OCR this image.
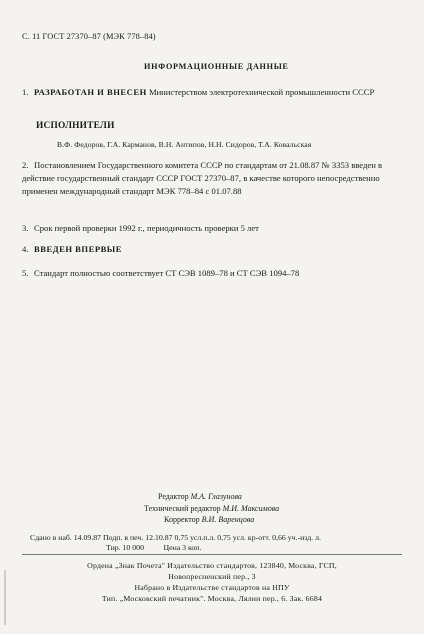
С. 11 ГОСТ 27370–87 (МЭК 778–84)
ИНФОРМАЦИОННЫЕ ДАННЫЕ
1. РАЗРАБОТАН И ВНЕСЕН Министерством электротехнической промышленности СССР
ИСПОЛНИТЕЛИ
В.Ф. Федоров, Г.А. Карманов, В.Н. Антипов, Н.Н. Сидоров, Т.А. Ковальская
2. Постановлением Государственного комитета СССР по стандартам от 21.08.87 № 3353 введен в действие государственный стандарт СССР ГОСТ 27370–87, в качестве которого непосредственно применен международный стандарт МЭК 778–84 с 01.07.88
3. Срок первой проверки 1992 г., периодичность проверки 5 лет
4. ВВЕДЕН ВПЕРВЫЕ
5. Стандарт полностью соответствует СТ СЭВ 1089–78 и СТ СЭВ 1094–78
Редактор М.А. Глазунова
Технический редактор М.И. Максимова
Корректор В.И. Варенцова
Сдано в наб. 14.09.87 Подп. в печ. 12.10.87 0,75 усл.п.л. 0,75 усл. кр-отт. 0,66 уч.-изд. л.
Тир. 10 000          Цена 3 коп.
Ордена „Знак Почета" Издательство стандартов, 123840, Москва, ГСП,
Новопресненский пер., 3
Набрано в Издательстве стандартов на НПУ
Тип. „Московский печатник". Москва, Лялин пер., 6. Зак. 6684
